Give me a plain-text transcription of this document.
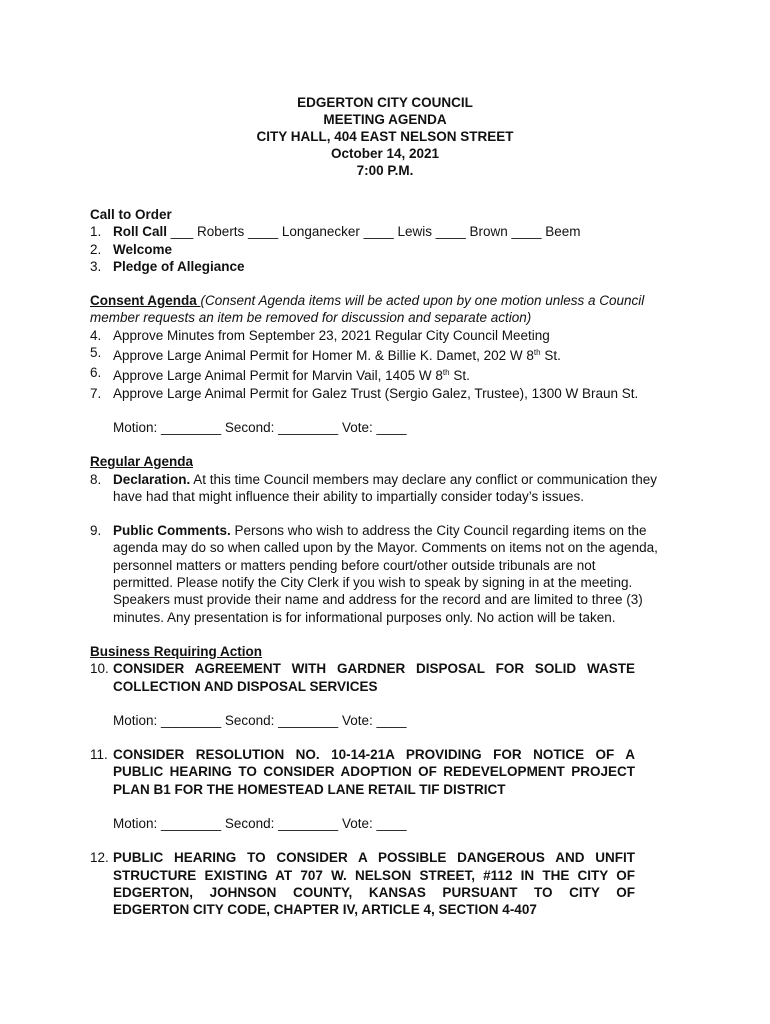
EDGERTON CITY COUNCIL
MEETING AGENDA
CITY HALL, 404 EAST NELSON STREET
October 14, 2021
7:00 P.M.
Call to Order
1. Roll Call ___ Roberts ____ Longanecker ____ Lewis ____ Brown ____ Beem
2. Welcome
3. Pledge of Allegiance
Consent Agenda (Consent Agenda items will be acted upon by one motion unless a Council
member requests an item be removed for discussion and separate action)
4. Approve Minutes from September 23, 2021 Regular City Council Meeting
5. Approve Large Animal Permit for Homer M. & Billie K. Damet, 202 W 8th St.
6. Approve Large Animal Permit for Marvin Vail, 1405 W 8th St.
7. Approve Large Animal Permit for Galez Trust (Sergio Galez, Trustee), 1300 W Braun St.
Motion: ________ Second: ________ Vote: ____
Regular Agenda
8. Declaration. At this time Council members may declare any conflict or communication they
have had that might influence their ability to impartially consider today’s issues.
9. Public Comments. Persons who wish to address the City Council regarding items on the
agenda may do so when called upon by the Mayor. Comments on items not on the agenda,
personnel matters or matters pending before court/other outside tribunals are not
permitted. Please notify the City Clerk if you wish to speak by signing in at the meeting.
Speakers must provide their name and address for the record and are limited to three (3)
minutes. Any presentation is for informational purposes only. No action will be taken.
Business Requiring Action
10. CONSIDER AGREEMENT WITH GARDNER DISPOSAL FOR SOLID WASTE
COLLECTION AND DISPOSAL SERVICES
Motion: ________ Second: ________ Vote: ____
11. CONSIDER RESOLUTION NO. 10-14-21A PROVIDING FOR NOTICE OF A
PUBLIC HEARING TO CONSIDER ADOPTION OF REDEVELOPMENT PROJECT
PLAN B1 FOR THE HOMESTEAD LANE RETAIL TIF DISTRICT
Motion: ________ Second: ________ Vote: ____
12. PUBLIC HEARING TO CONSIDER A POSSIBLE DANGEROUS AND UNFIT
STRUCTURE EXISTING AT 707 W. NELSON STREET, #112 IN THE CITY OF
EDGERTON, JOHNSON COUNTY, KANSAS PURSUANT TO CITY OF
EDGERTON CITY CODE, CHAPTER IV, ARTICLE 4, SECTION 4-407
